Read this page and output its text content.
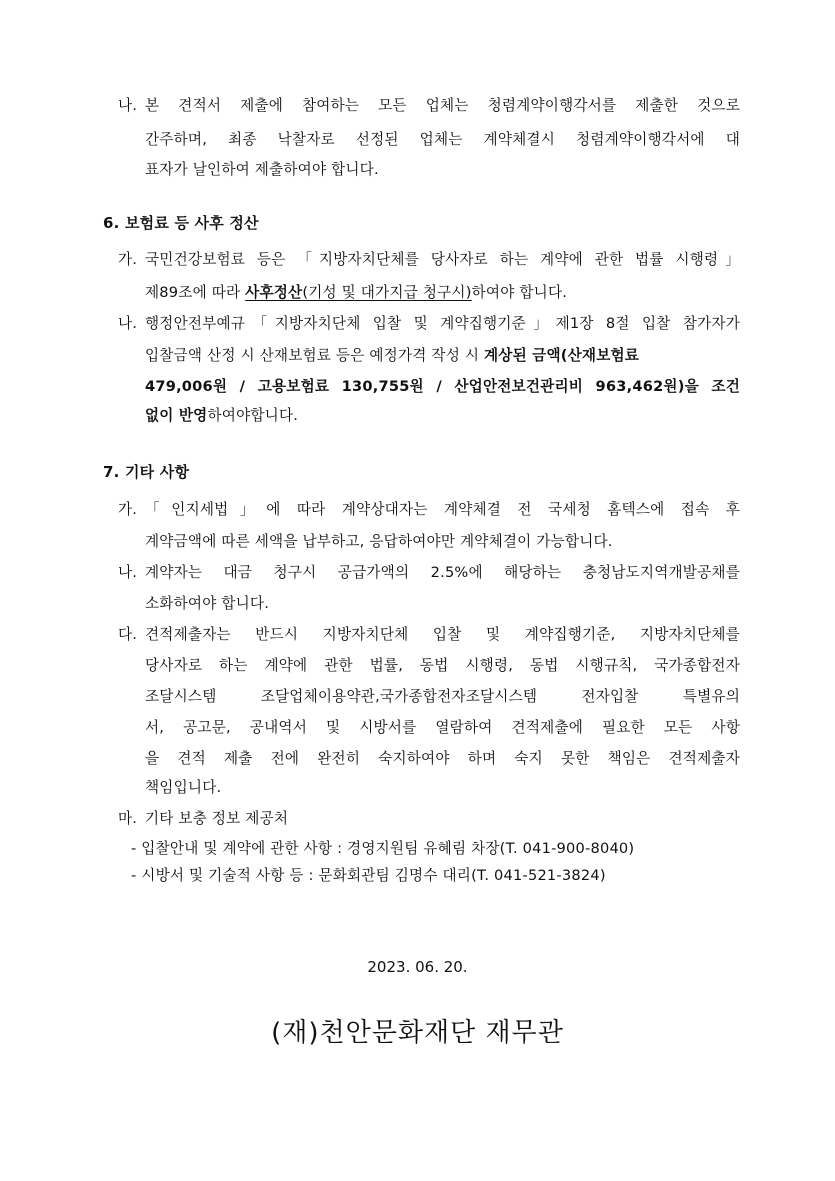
나. 본 견적서 제출에 참여하는 모든 업체는 청렴계약이행각서를 제출한 것으로
간주하며, 최종 낙찰자로 선정된 업체는 계약체결시 청렴계약이행각서에 대
표자가 날인하여 제출하여야 합니다.
6. 보험료 등 사후 정산
가. 국민건강보험료 등은 「지방자치단체를 당사자로 하는 계약에 관한 법률 시행령」
제89조에 따라 사후정산(기성 및 대가지급 청구시)하여야 합니다.
나. 행정안전부예규「지방자치단체 입찰 및 계약집행기준」제1장 8절 입찰 참가자가
입찰금액 산정 시 산재보험료 등은 예정가격 작성 시 계상된 금액(산재보험료
479,006원 / 고용보험료 130,755원 / 산업안전보건관리비 963,462원)을 조건
없이 반영하여야합니다.
7. 기타 사항
가. 「인지세법」에 따라 계약상대자는 계약체결 전 국세청 홈텍스에 접속 후
계약금액에 따른 세액을 납부하고, 응답하여야만 계약체결이 가능합니다.
나. 계약자는 대금 청구시 공급가액의 2.5%에 해당하는 충청남도지역개발공채를
소화하여야 합니다.
다. 견적제출자는 반드시 지방자치단체 입찰 및 계약집행기준, 지방자치단체를
당사자로 하는 계약에 관한 법률, 동법 시행령, 동법 시행규칙, 국가종합전자
조달시스템 조달업체이용약관,국가종합전자조달시스템 전자입찰 특별유의
서, 공고문, 공내역서 및 시방서를 열람하여 견적제출에 필요한 모든 사항
을 견적 제출 전에 완전히 숙지하여야 하며 숙지 못한 책임은 견적제출자
책임입니다.
마. 기타 보충 정보 제공처
- 입찰안내 및 계약에 관한 사항 : 경영지원팀 유혜림 차장(T. 041-900-8040)
- 시방서 및 기술적 사항 등 : 문화회관팀 김명수 대리(T. 041-521-3824)
2023. 06. 20.
(재)천안문화재단 재무관
